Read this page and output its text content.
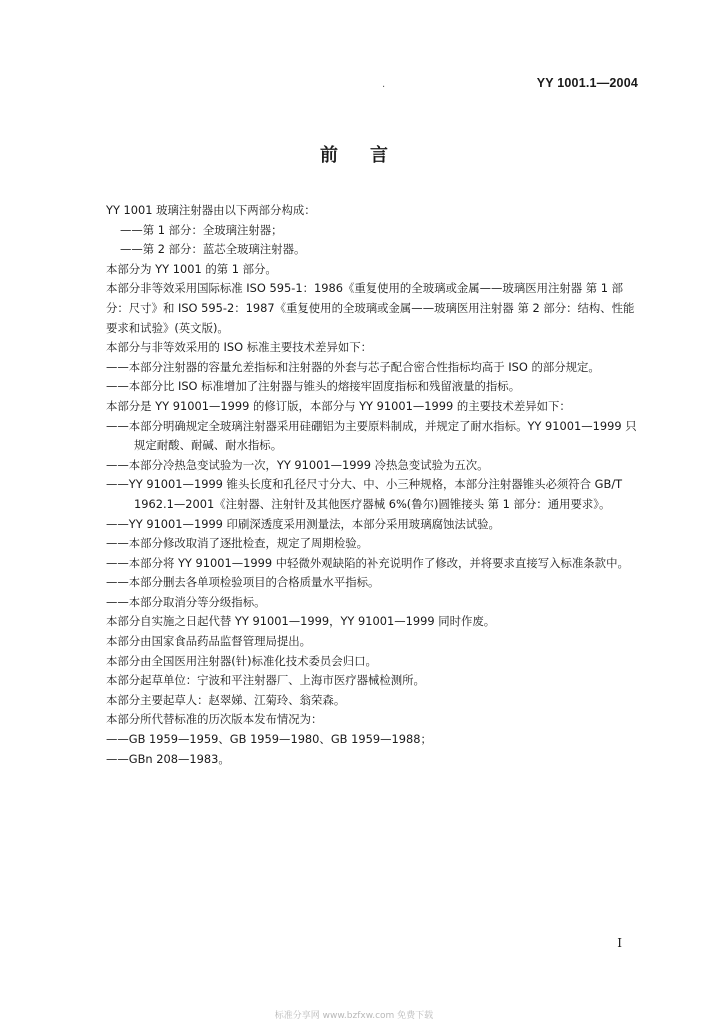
·	YY 1001.1—2004
前言

YY 1001 玻璃注射器由以下两部分构成：

——第 1 部分：全玻璃注射器；

——第 2 部分：蓝芯全玻璃注射器。

本部分为 YY 1001 的第 1 部分。

本部分非等效采用国际标准 ISO 595-1：1986《重复使用的全玻璃或金属——玻璃医用注射器 第 1 部分：尺寸》和 ISO 595-2：1987《重复使用的全玻璃或金属——玻璃医用注射器 第 2 部分：结构、性能要求和试验》(英文版)。

本部分与非等效采用的 ISO 标准主要技术差异如下：

——本部分注射器的容量允差指标和注射器的外套与芯子配合密合性指标均高于 ISO 的部分规定。

——本部分比 ISO 标准增加了注射器与锥头的熔接牢固度指标和残留液量的指标。

本部分是 YY 91001—1999 的修订版，本部分与 YY 91001—1999 的主要技术差异如下：

——本部分明确规定全玻璃注射器采用硅硼铝为主要原料制成，并规定了耐水指标。YY 91001—1999 只规定耐酸、耐碱、耐水指标。

——本部分冷热急变试验为一次，YY 91001—1999 冷热急变试验为五次。

——YY 91001—1999 锥头长度和孔径尺寸分大、中、小三种规格，本部分注射器锥头必须符合 GB/T 1962.1—2001《注射器、注射针及其他医疗器械 6%(鲁尔)圆锥接头 第 1 部分：通用要求》。

——YY 91001—1999 印刷深透度采用测量法，本部分采用玻璃腐蚀法试验。

——本部分修改取消了逐批检查，规定了周期检验。

——本部分将 YY 91001—1999 中轻微外观缺陷的补充说明作了修改，并将要求直接写入标准条款中。

——本部分删去各单项检验项目的合格质量水平指标。

——本部分取消分等分级指标。

本部分自实施之日起代替 YY 91001—1999，YY 91001—1999 同时作废。

本部分由国家食品药品监督管理局提出。

本部分由全国医用注射器(针)标准化技术委员会归口。

本部分起草单位：宁波和平注射器厂、上海市医疗器械检测所。

本部分主要起草人：赵翠娣、江菊玲、翁荣森。

本部分所代替标准的历次版本发布情况为：

——GB 1959—1959、GB 1959—1980、GB 1959—1988；

——GBn 208—1983。

I
标准分享网 www.bzfxw.com 免费下载
